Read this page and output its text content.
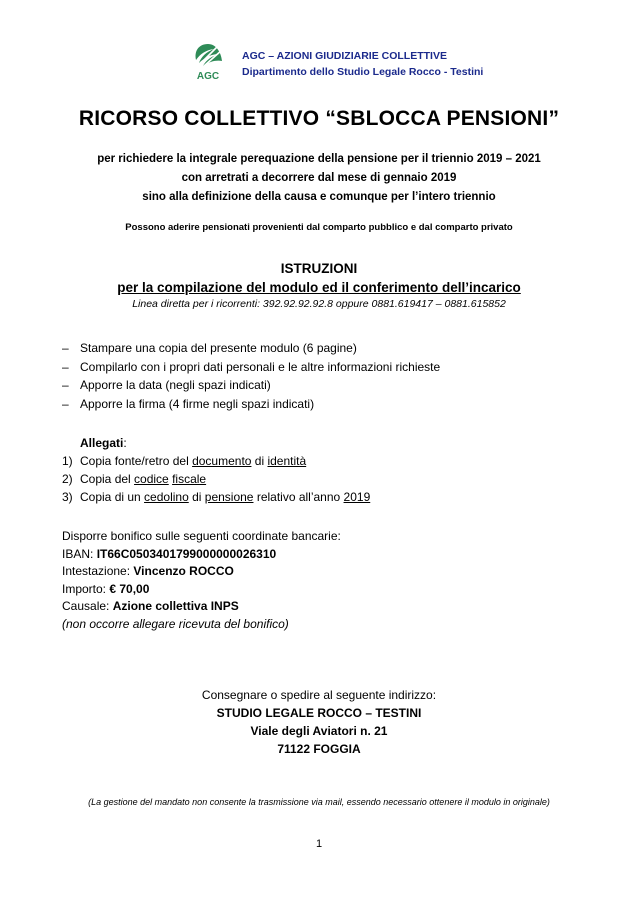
AGC
AGC – AZIONI GIUDIZIARIE COLLETTIVE
Dipartimento dello Studio Legale Rocco - Testini
RICORSO COLLETTIVO “SBLOCCA PENSIONI”
per richiedere la integrale perequazione della pensione per il triennio 2019 – 2021
con arretrati a decorrere dal mese di gennaio 2019
sino alla definizione della causa e comunque per l’intero triennio
Possono aderire pensionati provenienti dal comparto pubblico e dal comparto privato
ISTRUZIONI
per la compilazione del modulo ed il conferimento dell’incarico
Linea diretta per i ricorrenti: 392.92.92.92.8 oppure 0881.619417 – 0881.615852
– Stampare una copia del presente modulo (6 pagine)
– Compilarlo con i propri dati personali e le altre informazioni richieste
– Apporre la data (negli spazi indicati)
– Apporre la firma (4 firme negli spazi indicati)
Allegati:
1) Copia fonte/retro del documento di identità
2) Copia del codice fiscale
3) Copia di un cedolino di pensione relativo all’anno 2019
Disporre bonifico sulle seguenti coordinate bancarie:
IBAN: IT66C0503401799000000026310
Intestazione: Vincenzo ROCCO
Importo: € 70,00
Causale: Azione collettiva INPS
(non occorre allegare ricevuta del bonifico)
Consegnare o spedire al seguente indirizzo:
STUDIO LEGALE ROCCO – TESTINI
Viale degli Aviatori n. 21
71122 FOGGIA
(La gestione del mandato non consente la trasmissione via mail, essendo necessario ottenere il modulo in originale)
1
